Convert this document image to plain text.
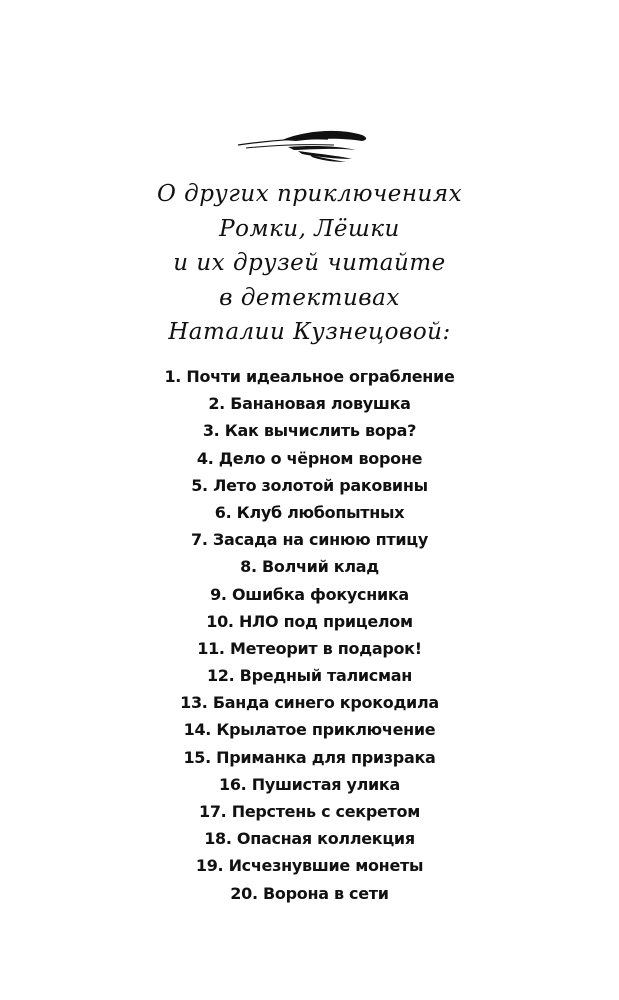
О других приключениях
Ромки, Лёшки
и их друзей читайте
в детективах
Наталии Кузнецовой:
1. Почти идеальное ограбление
2. Банановая ловушка
3. Как вычислить вора?
4. Дело о чёрном вороне
5. Лето золотой раковины
6. Клуб любопытных
7. Засада на синюю птицу
8. Волчий клад
9. Ошибка фокусника
10. НЛО под прицелом
11. Метеорит в подарок!
12. Вредный талисман
13. Банда синего крокодила
14. Крылатое приключение
15. Приманка для призрака
16. Пушистая улика
17. Перстень с секретом
18. Опасная коллекция
19. Исчезнувшие монеты
20. Ворона в сети
